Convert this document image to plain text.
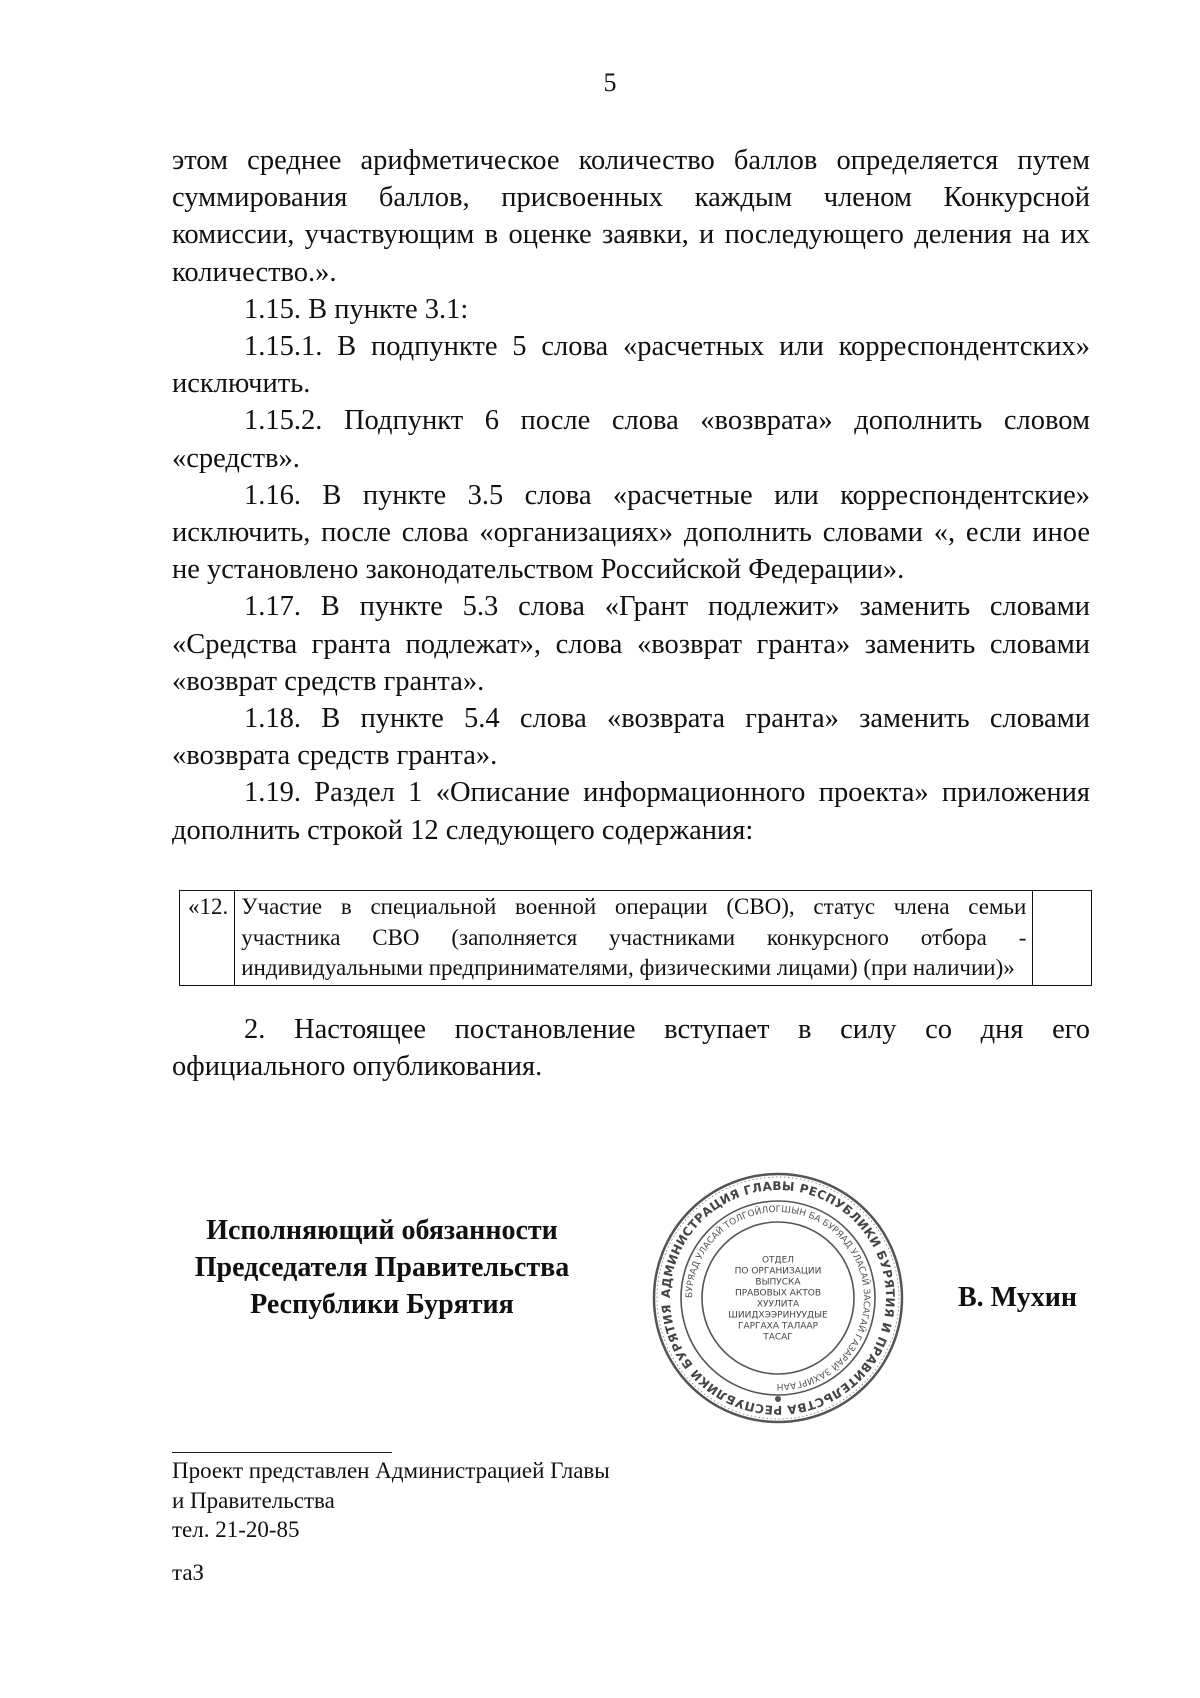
5

этом среднее арифметическое количество баллов определяется путем суммирования баллов, присвоенных каждым членом Конкурсной комиссии, участвующим в оценке заявки, и последующего деления на их количество.».

1.15. В пункте 3.1:

1.15.1. В подпункте 5 слова «расчетных или корреспондентских» исключить.

1.15.2. Подпункт 6 после слова «возврата» дополнить словом «средств».

1.16. В пункте 3.5 слова «расчетные или корреспондентские» исключить, после слова «организациях» дополнить словами «, если иное не установлено законодательством Российской Федерации».

1.17. В пункте 5.3 слова «Грант подлежит» заменить словами «Средства гранта подлежат», слова «возврат гранта» заменить словами «возврат средств гранта».

1.18. В пункте 5.4 слова «возврата гранта» заменить словами «возврата средств гранта».

1.19. Раздел 1 «Описание информационного проекта» приложения дополнить строкой 12 следующего содержания:

«12.	Участие в специальной военной операции (СВО), статус члена семьи участника СВО (заполняется участниками конкурсного отбора - индивидуальными предпринимателями, физическими лицами) (при наличии)»	

2. Настоящее постановление вступает в силу со дня его официального опубликования.

Исполняющий обязанности
Председателя Правительства
Республики Бурятия	АДМИНИСТРАЦИЯ ГЛАВЫ РЕСПУБЛИКИ БУРЯТИЯ И ПРАВИТЕЛЬСТВА РЕСПУБЛИКИ БУРЯТИЯ
БУРЯАД УЛАСАЙ ТОЛГОЙЛОГШЫН БА БУРЯАД УЛАСАЙ ЗАСАГАЙ ГАЗАРАЙ ЗАХИРГААН
ОТДЕЛ
ПО ОРГАНИЗАЦИИ
ВЫПУСКА
ПРАВОВЫХ АКТОВ
ХУУЛИТА
ШИИДХЭЭРИНУУДЫЕ
ГАРГАХА ТАЛААР
ТАСАГ
В. Мухин
Проект представлен Администрацией Главы
и Правительства
тел. 21-20-85
таЗ
